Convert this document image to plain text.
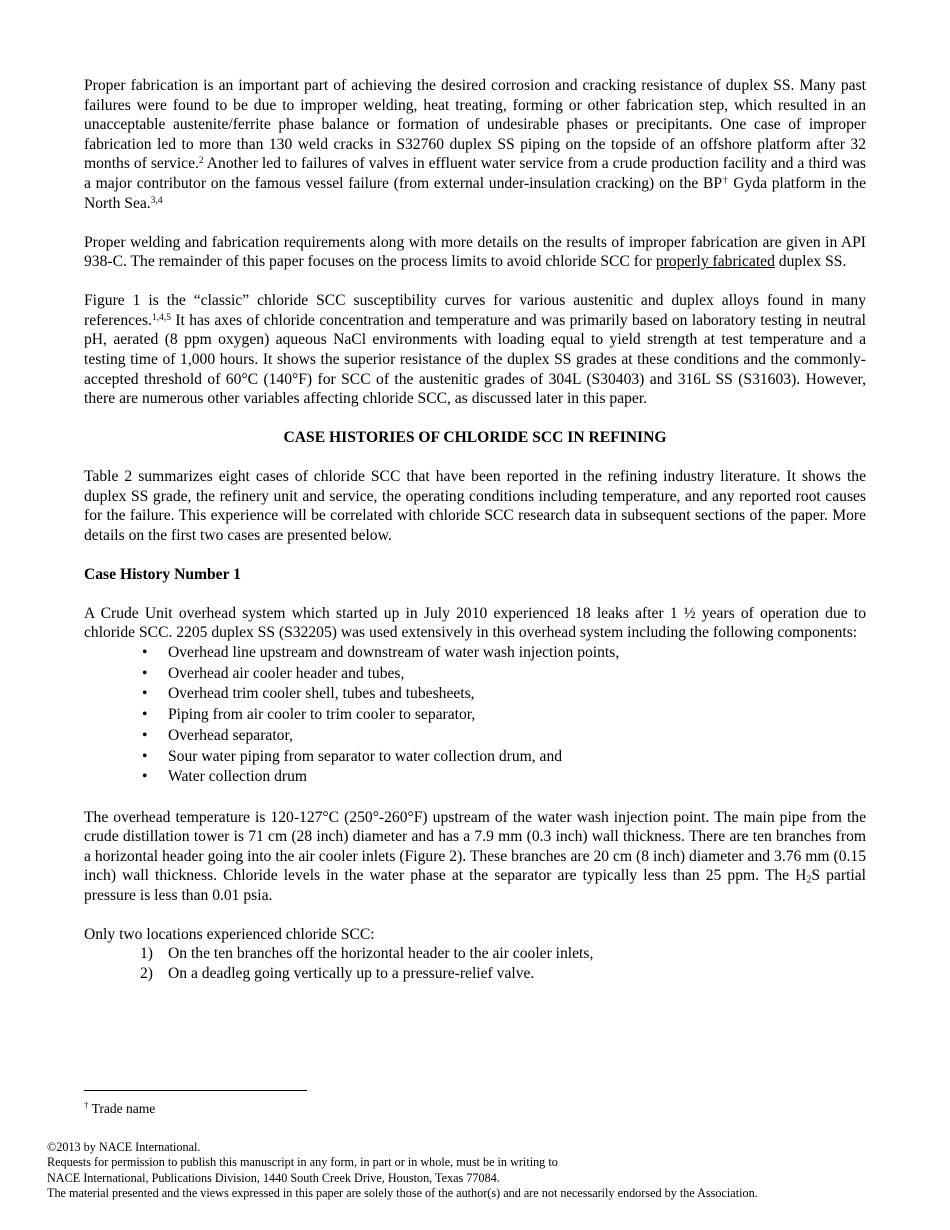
Proper fabrication is an important part of achieving the desired corrosion and cracking resistance of duplex SS. Many past failures were found to be due to improper welding, heat treating, forming or other fabrication step, which resulted in an unacceptable austenite/ferrite phase balance or formation of undesirable phases or precipitants. One case of improper fabrication led to more than 130 weld cracks in S32760 duplex SS piping on the topside of an offshore platform after 32 months of service.$^2$ Another led to failures of valves in effluent water service from a crude production facility and a third was a major contributor on the famous vessel failure (from external under-insulation cracking) on the BP† Gyda platform in the North Sea.$^{3,4}$

Proper welding and fabrication requirements along with more details on the results of improper fabrication are given in API 938-C. The remainder of this paper focuses on the process limits to avoid chloride SCC for properly fabricated duplex SS.

Figure 1 is the “classic” chloride SCC susceptibility curves for various austenitic and duplex alloys found in many references.$^{1,4,5}$ It has axes of chloride concentration and temperature and was primarily based on laboratory testing in neutral pH, aerated (8 ppm oxygen) aqueous NaCl environments with loading equal to yield strength at test temperature and a testing time of 1,000 hours. It shows the superior resistance of the duplex SS grades at these conditions and the commonly-accepted threshold of 60°C (140°F) for SCC of the austenitic grades of 304L (S30403) and 316L SS (S31603). However, there are numerous other variables affecting chloride SCC, as discussed later in this paper.

CASE HISTORIES OF CHLORIDE SCC IN REFINING

Table 2 summarizes eight cases of chloride SCC that have been reported in the refining industry literature. It shows the duplex SS grade, the refinery unit and service, the operating conditions including temperature, and any reported root causes for the failure. This experience will be correlated with chloride SCC research data in subsequent sections of the paper. More details on the first two cases are presented below.

Case History Number 1

A Crude Unit overhead system which started up in July 2010 experienced 18 leaks after 1 ½ years of operation due to chloride SCC. 2205 duplex SS (S32205) was used extensively in this overhead system including the following components:

• Overhead line upstream and downstream of water wash injection points,
• Overhead air cooler header and tubes,
• Overhead trim cooler shell, tubes and tubesheets,
• Piping from air cooler to trim cooler to separator,
• Overhead separator,
• Sour water piping from separator to water collection drum, and
• Water collection drum

The overhead temperature is 120-127°C (250°-260°F) upstream of the water wash injection point. The main pipe from the crude distillation tower is 71 cm (28 inch) diameter and has a 7.9 mm (0.3 inch) wall thickness. There are ten branches from a horizontal header going into the air cooler inlets (Figure 2). These branches are 20 cm (8 inch) diameter and 3.76 mm (0.15 inch) wall thickness. Chloride levels in the water phase at the separator are typically less than 25 ppm. The $H_2S$ partial pressure is less than 0.01 psia.

Only two locations experienced chloride SCC:

1) On the ten branches off the horizontal header to the air cooler inlets,
2) On a deadleg going vertically up to a pressure-relief valve.
† Trade name
©2013 by NACE International.
Requests for permission to publish this manuscript in any form, in part or in whole, must be in writing to
NACE International, Publications Division, 1440 South Creek Drive, Houston, Texas 77084.
The material presented and the views expressed in this paper are solely those of the author(s) and are not necessarily endorsed by the Association.
